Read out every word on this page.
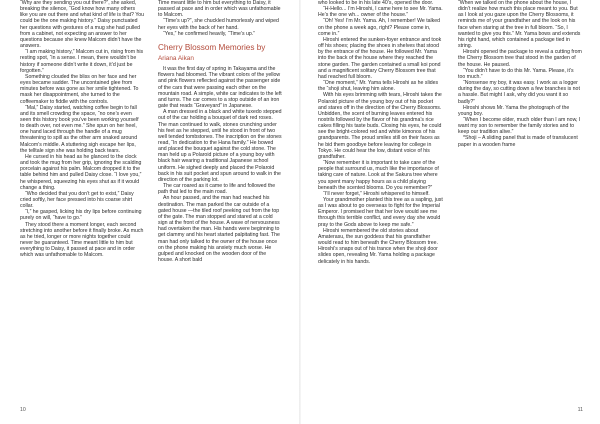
“Why are they sending you out there?”, she asked, breaking the silence, “God know how many others like you are out there and what kind of life is that? You could be the one making history.” Daisy punctuated her questions with gestures of a mug she had pulled from a cabinet, not expecting an answer to her questions because she knew Malcom didn’t have the answers.

“I am making history,” Malcom cut in, rising from his resting spot, “in a sense. I mean, there wouldn’t be history if someone didn’t write it down, it’d just be forgotten.”

Something clouded the bliss on her face and her eyes became sadder. The uncontained glee from minutes before was gone as her smile tightened. To mask her disappointment, she turned to the coffeemaker to fiddle with the controls.

“Mal,” Daisy started, watching coffee begin to fall and its smell crowding the space, “no one’s even seen this history book you’ve been working yourself to death over, not even me.” She spun on her heel, one hand laced through the handle of a mug threatening to spill as the other arm snaked around Malcom’s middle. A stuttering sigh escape her lips, the telltale sign she was holding back tears.

He cursed in his head as he glanced to the clock and took the mug from her grip, ignoring the scalding porcelain against his palm. Malcom dropped it to the table behind him and pulled Daisy close. “I love you,” he whispered, squeezing his eyes shut as if it would change a thing.

“Who decided that you don’t get to exist,” Daisy cried softly, her face pressed into his coarse shirt collar.

“I,” he gasped, licking his dry lips before continuing purely on will, “have to go.”

They stood there a moment longer, each second stretching into another before it finally broke. As much as he tried, longer or more nights together could never be guaranteed. Time meant little to him but everything to Daisy, it passed at pace and in order which was unfathomable to Malcom.

Time meant little to him but everything to Daisy, it passed at pace and in order which was unfathomable to Malcom.

“Time’s up?”, she chuckled humorlessly and wiped her eyes with the back of her hand.

“Yes,” he confirmed heavily, “Time’s up.”

Cherry Blossom Memories by
Ariana Aikan

It was the first day of spring in Takayama and the flowers had bloomed. The vibrant colors of the yellow and pink flowers reflected against the passenger side of the cars that were passing each other on the mountain road. A simple, white car indicates to the left and turns. The car comes to a stop outside of an iron gate that reads “Graveyard” in Japanese.

A man dressed in a black and white tuxedo stepped out of the car holding a bouquet of dark red roses. The man continued to walk, stones crunching under his feet as he stepped, until he stood in front of two well tended tombstones. The inscription on the stones read, “In dedication to the Hana family.” He bowed and placed the bouquet against the cold stone. The man held up a Polaroid picture of a young boy with black hair wearing a traditional Japanese school uniform. He sighed deeply and placed the Polaroid back in his suit pocket and spun around to walk in the direction of the parking lot.

The car roared as it came to life and followed the path that led to the main road.

An hour passed, and the man had reached his destination. The man parked the car outside of a gated house —the tiled roof peeking out from the top of the gate. The man stopped and stared at a cold sign at the front of the house. A wave of nervousness had overtaken the man. His hands were beginning to get clammy and his heart started palpitating fast. The man had only talked to the owner of the house once on the phone making his anxiety much worse. He gulped and knocked on the wooden door of the house. A short bald

10

who looked to be in his late 40’s, opened the door.

“H-Hello... I’m Hiroshi, I came here to see Mr. Yama. He’s the one wh... owner of the house.”

“Oh! Yes! I’m Mr. Yama. Ah, I remember! We talked on the phone a week ago, right? Please come in, come in.”

Hiroshi entered the sunken-foyer entrance and took off his shoes; placing the shoes in shelves that stood by the entrance of the house. He followed Mr. Yama into the back of the house where they reached the stone garden. The garden contained a small koi pond and a magnificent solitary Cherry Blossom tree that had reached full bloom.

“One moment,” Mr. Yama tells Hiroshi as he slides the “shoji shut, leaving him alone.

With his eyes brimming with tears, Hiroshi takes the Polaroid picture of the young boy out of his pocket and stares off in the direction of the Cherry Blossoms. Unbidden, the scent of burning leaves entered his nostrils followed by the flavor of his grandma’s rice cakes filling his taste buds. Closing his eyes, he could see the bright-colored red and white kimonos of his grandparents. The proud smiles still on their faces as he bid them goodbye before leaving for college in Tokyo. He could hear the low, distant voice of his grandfather.

“Now remember it is important to take care of the people that surround us, much like the importance of taking care of nature. Look at the Sakura tree where you spent many happy hours as a child playing beneath the scented blooms. Do you remember?”

“I’ll never forget,” Hiroshi whispered to himself.

Your grandmother planted this tree as a sapling, just as I was about to go overseas to fight for the Imperial Emperor. I promised her that her love would see me through this terrible conflict, and every day she would pray to the Gods above to keep me safe.”

Hiroshi remembered the old stories about Amaterasu, the sun goddess that his grandfather would read to him beneath the Cherry Blossom tree. Hiroshi’s snaps out of his trance when the shoji door slides open, revealing Mr. Yama holding a package delicately in his hands.

“When we talked on the phone about the house, I didn’t realize how much this place meant to you. But as I look at you gaze upon the Cherry Blossoms, it reminds me of your grandfather and the look on his face when staring at the tree in full bloom. “So, I wanted to give you this.” Mr. Yama bows and extends his right hand, which contained a package tied in string.

Hiroshi opened the package to reveal a cutting from the Cherry Blossom tree that stood in the garden of the house. He paused.

“You didn’t have to do this Mr. Yama. Please, it’s too much.”

“Nonsense my boy, it was easy. I work as a logger during the day, so cutting down a few branches is not a hassle. But might I ask, why did you want it so badly?”

Hiroshi shows Mr. Yama the photograph of the young boy.

“When I become older, much older than I am now, I want my son to remember the family stories and to keep our tradition alive.”

*Shoji – A sliding panel that is made of translucent paper in a wooden frame

11
